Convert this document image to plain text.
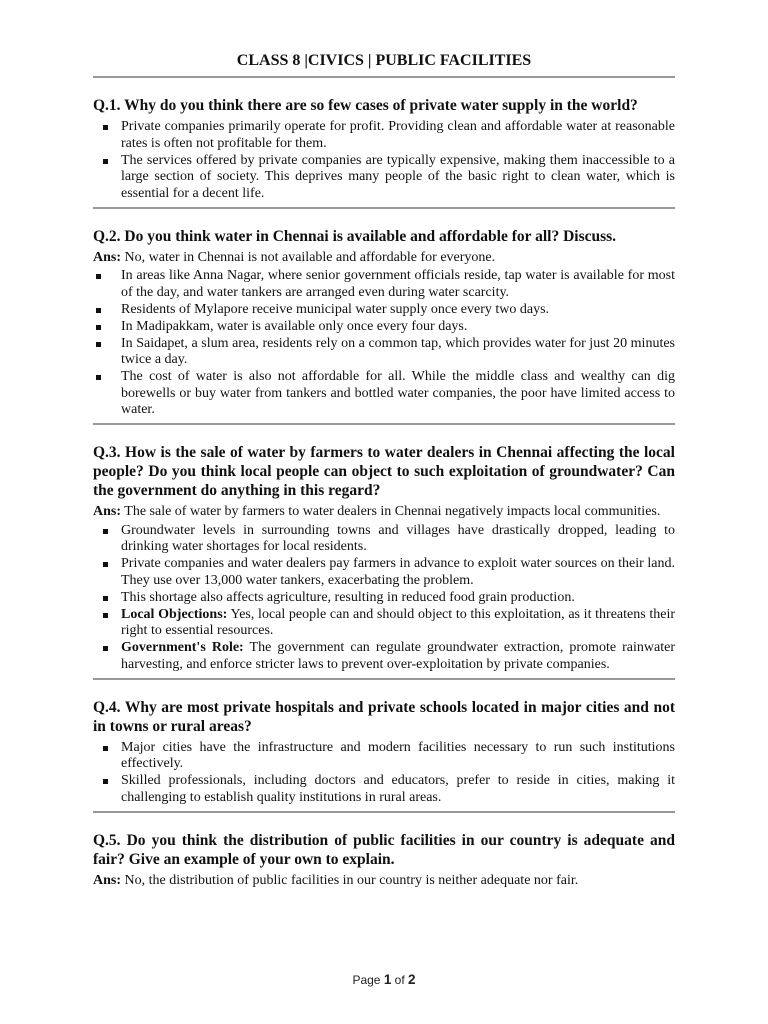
CLASS 8 |CIVICS | PUBLIC FACILITIES

Q.1. Why do you think there are so few cases of private water supply in the world?

Private companies primarily operate for profit. Providing clean and affordable water at reasonable rates is often not profitable for them.
The services offered by private companies are typically expensive, making them inaccessible to a large section of society. This deprives many people of the basic right to clean water, which is essential for a decent life.

Q.2. Do you think water in Chennai is available and affordable for all? Discuss.

Ans: No, water in Chennai is not available and affordable for everyone.

In areas like Anna Nagar, where senior government officials reside, tap water is available for most of the day, and water tankers are arranged even during water scarcity.
Residents of Mylapore receive municipal water supply once every two days.
In Madipakkam, water is available only once every four days.
In Saidapet, a slum area, residents rely on a common tap, which provides water for just 20 minutes twice a day.
The cost of water is also not affordable for all. While the middle class and wealthy can dig borewells or buy water from tankers and bottled water companies, the poor have limited access to water.

Q.3. How is the sale of water by farmers to water dealers in Chennai affecting the local people? Do you think local people can object to such exploitation of groundwater? Can the government do anything in this regard?

Ans: The sale of water by farmers to water dealers in Chennai negatively impacts local communities.

Groundwater levels in surrounding towns and villages have drastically dropped, leading to drinking water shortages for local residents.
Private companies and water dealers pay farmers in advance to exploit water sources on their land. They use over 13,000 water tankers, exacerbating the problem.
This shortage also affects agriculture, resulting in reduced food grain production.
Local Objections: Yes, local people can and should object to this exploitation, as it threatens their right to essential resources.
Government's Role: The government can regulate groundwater extraction, promote rainwater harvesting, and enforce stricter laws to prevent over-exploitation by private companies.

Q.4. Why are most private hospitals and private schools located in major cities and not in towns or rural areas?

Major cities have the infrastructure and modern facilities necessary to run such institutions effectively.
Skilled professionals, including doctors and educators, prefer to reside in cities, making it challenging to establish quality institutions in rural areas.

Q.5. Do you think the distribution of public facilities in our country is adequate and fair? Give an example of your own to explain.

Ans: No, the distribution of public facilities in our country is neither adequate nor fair.

Page 1 of 2
